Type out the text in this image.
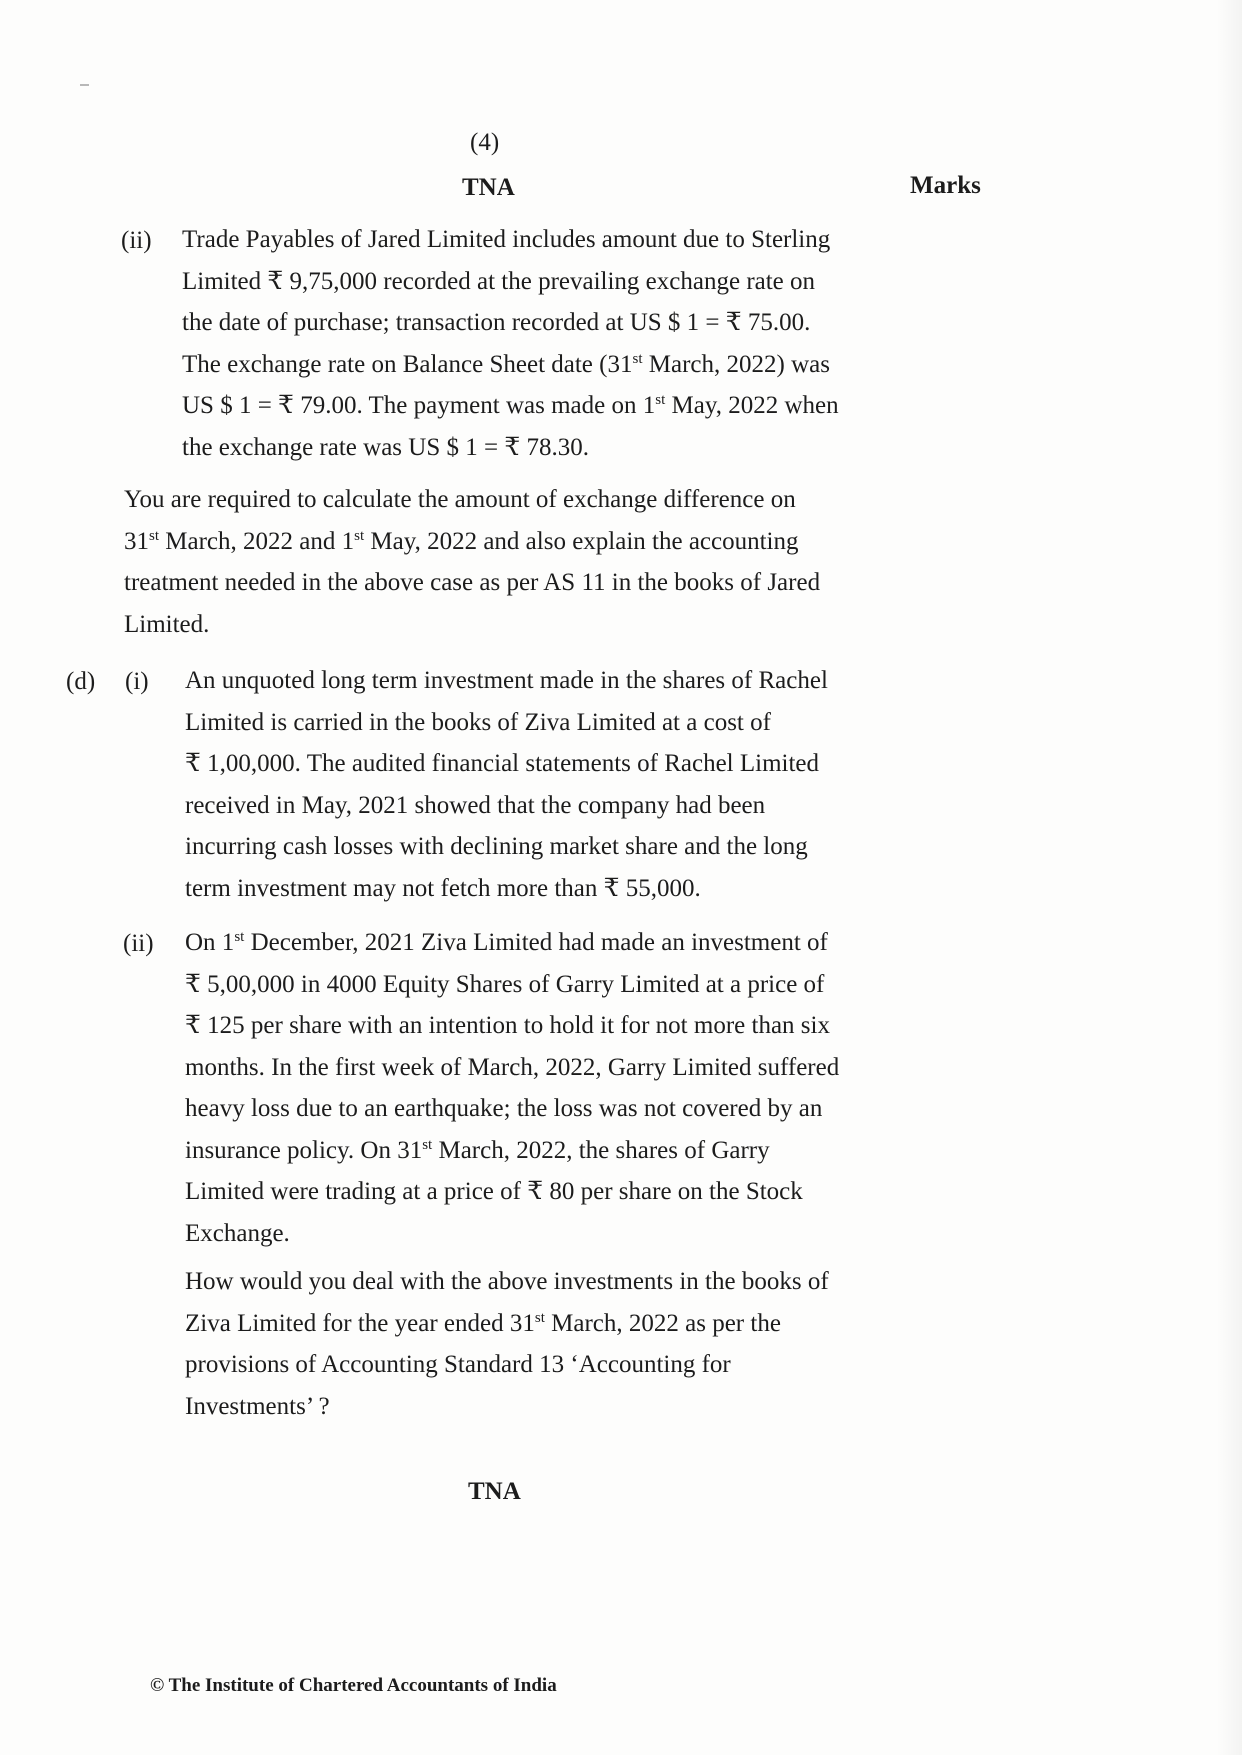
(4)
TNA	Marks
(ii) Trade Payables of Jared Limited includes amount due to Sterling
Limited ₹ 9,75,000 recorded at the prevailing exchange rate on
the date of purchase; transaction recorded at US $ 1 = ₹ 75.00.
The exchange rate on Balance Sheet date (31st March, 2022) was
US $ 1 = ₹ 79.00. The payment was made on 1st May, 2022 when
the exchange rate was US $ 1 = ₹ 78.30.
You are required to calculate the amount of exchange difference on
31st March, 2022 and 1st May, 2022 and also explain the accounting
treatment needed in the above case as per AS 11 in the books of Jared
Limited.
(d) (i) An unquoted long term investment made in the shares of Rachel
Limited is carried in the books of Ziva Limited at a cost of
₹ 1,00,000. The audited financial statements of Rachel Limited
received in May, 2021 showed that the company had been
incurring cash losses with declining market share and the long
term investment may not fetch more than ₹ 55,000.
(ii) On 1st December, 2021 Ziva Limited had made an investment of
₹ 5,00,000 in 4000 Equity Shares of Garry Limited at a price of
₹ 125 per share with an intention to hold it for not more than six
months. In the first week of March, 2022, Garry Limited suffered
heavy loss due to an earthquake; the loss was not covered by an
insurance policy. On 31st March, 2022, the shares of Garry
Limited were trading at a price of ₹ 80 per share on the Stock
Exchange.
How would you deal with the above investments in the books of
Ziva Limited for the year ended 31st March, 2022 as per the
provisions of Accounting Standard 13 ‘Accounting for
Investments’ ?
TNA
© The Institute of Chartered Accountants of India
